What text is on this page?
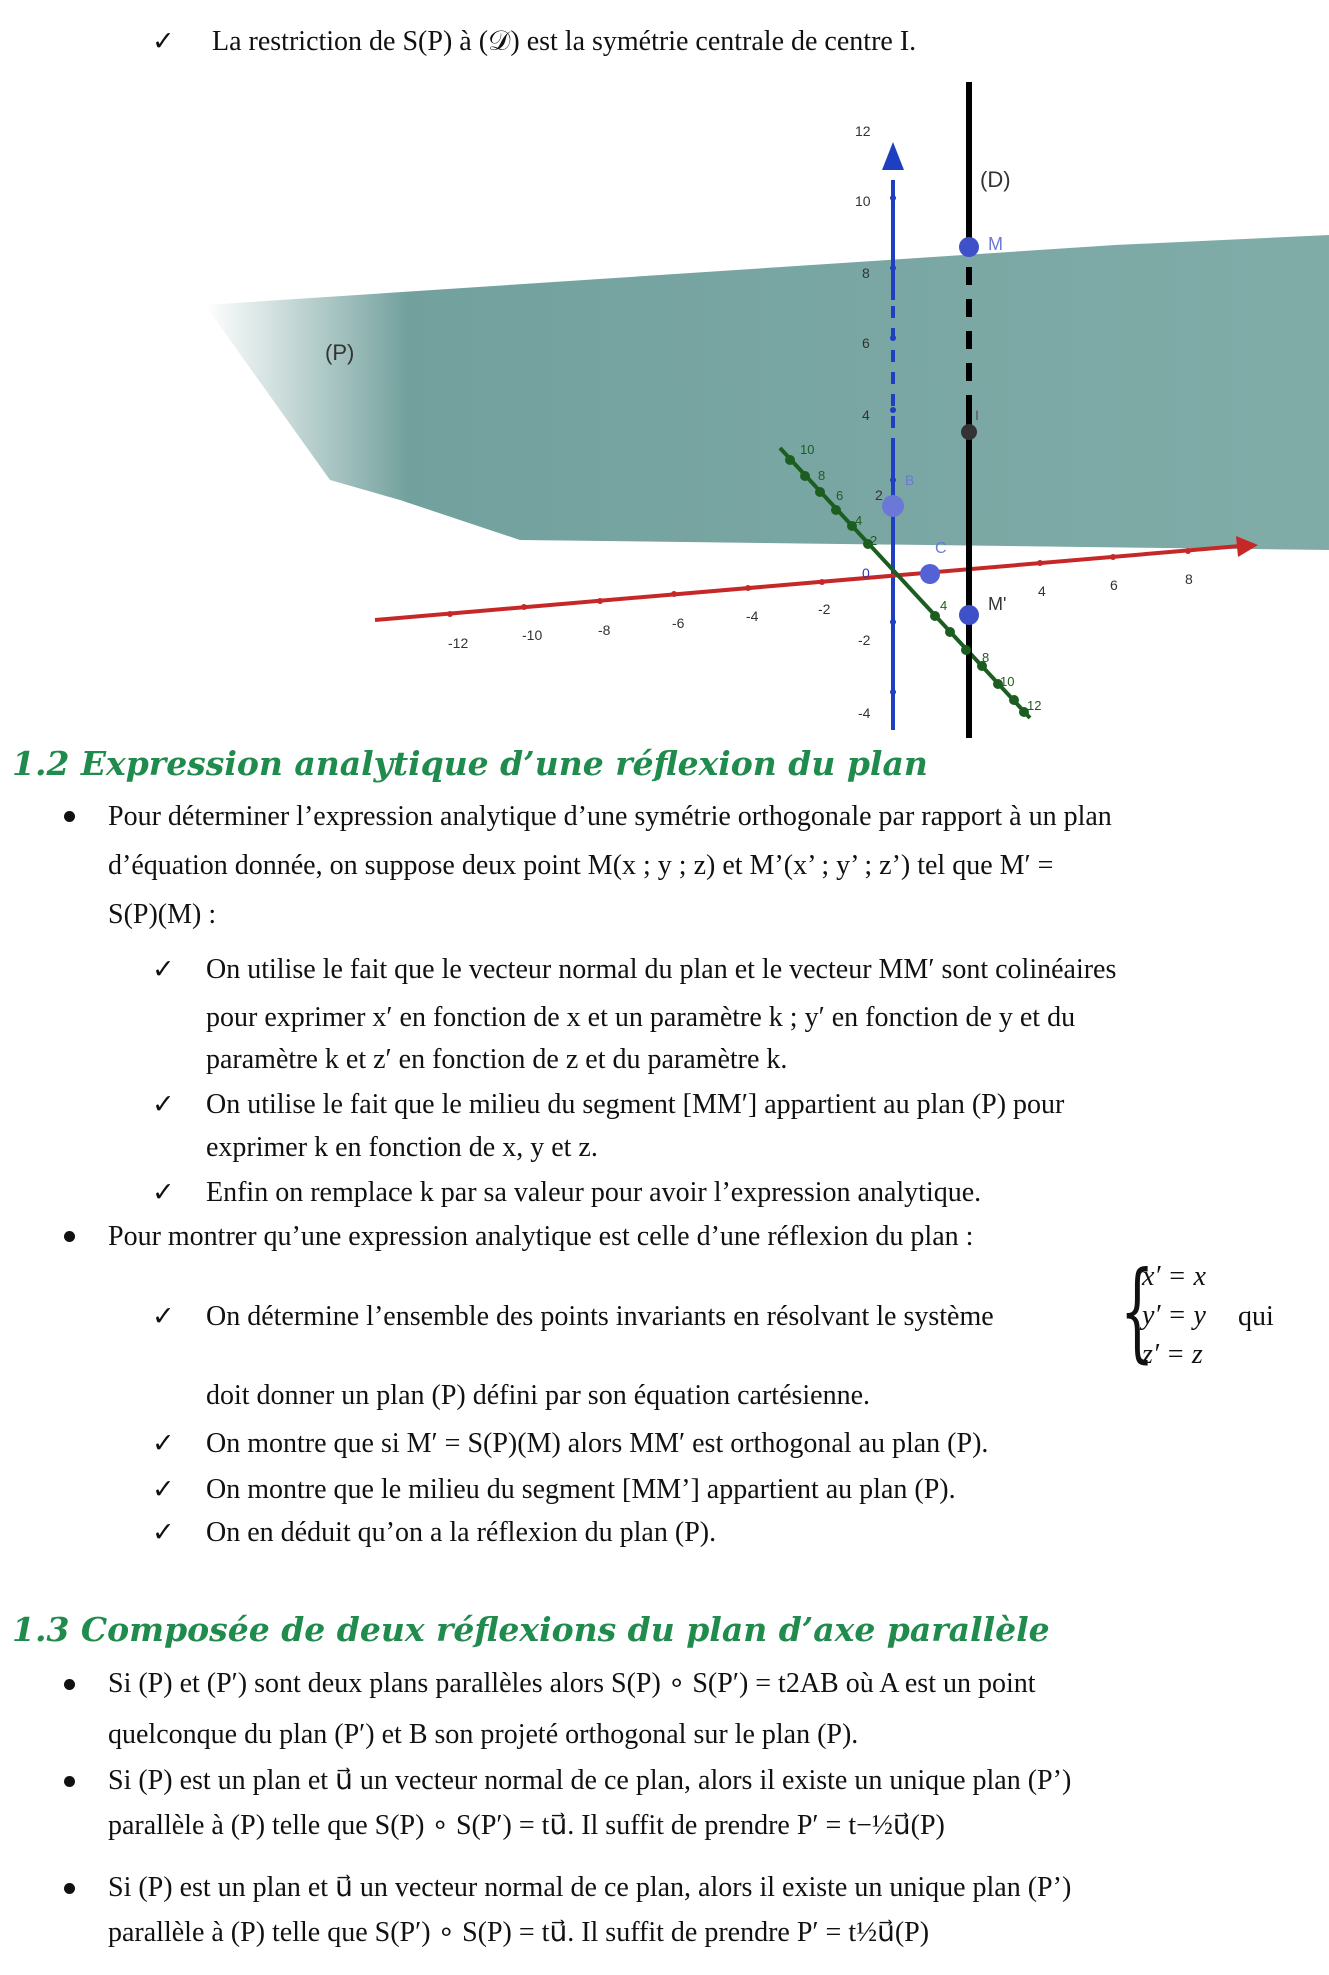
✓ La restriction de S(P) à (𝒟) est la symétrie centrale de centre I.
(D)
(P)
M
M'
I
B
C
0
-12	-10	-8	-6	-4	-2
4	6	8
12
10
8
6
4
2
-2
-4
10
8
6
4
2
4
8
10
12
1.2 Expression analytique d’une réflexion du plan
Pour déterminer l’expression analytique d’une symétrie orthogonale par rapport à un plan
d’équation donnée, on suppose deux point M(x ; y ; z) et M’(x’ ; y’ ; z’) tel que M′ =
S(P)(M) :
✓ On utilise le fait que le vecteur normal du plan et le vecteur MM′ sont colinéaires
pour exprimer x′ en fonction de x et un paramètre k ; y′ en fonction de y et du
paramètre k et z′ en fonction de z et du paramètre k.
✓ On utilise le fait que le milieu du segment [MM′] appartient au plan (P) pour
exprimer k en fonction de x, y et z.
✓ Enfin on remplace k par sa valeur pour avoir l’expression analytique.
Pour montrer qu’une expression analytique est celle d’une réflexion du plan :
✓ On détermine l’ensemble des points invariants en résolvant le système {
x′ = x
y′ = y
z′ = z
qui
doit donner un plan (P) défini par son équation cartésienne.
✓ On montre que si M′ = S(P)(M) alors MM′ est orthogonal au plan (P).
✓ On montre que le milieu du segment [MM’] appartient au plan (P).
✓ On en déduit qu’on a la réflexion du plan (P).
1.3 Composée de deux réflexions du plan d’axe parallèle
Si (P) et (P′) sont deux plans parallèles alors S(P) ∘ S(P′) = t2AB où A est un point
quelconque du plan (P′) et B son projeté orthogonal sur le plan (P).
Si (P) est un plan et u⃗ un vecteur normal de ce plan, alors il existe un unique plan (P’)
parallèle à (P) telle que S(P) ∘ S(P′) = tu⃗. Il suffit de prendre P′ = t−½u⃗(P)
Si (P) est un plan et u⃗ un vecteur normal de ce plan, alors il existe un unique plan (P’)
parallèle à (P) telle que S(P′) ∘ S(P) = tu⃗. Il suffit de prendre P′ = t½u⃗(P)
